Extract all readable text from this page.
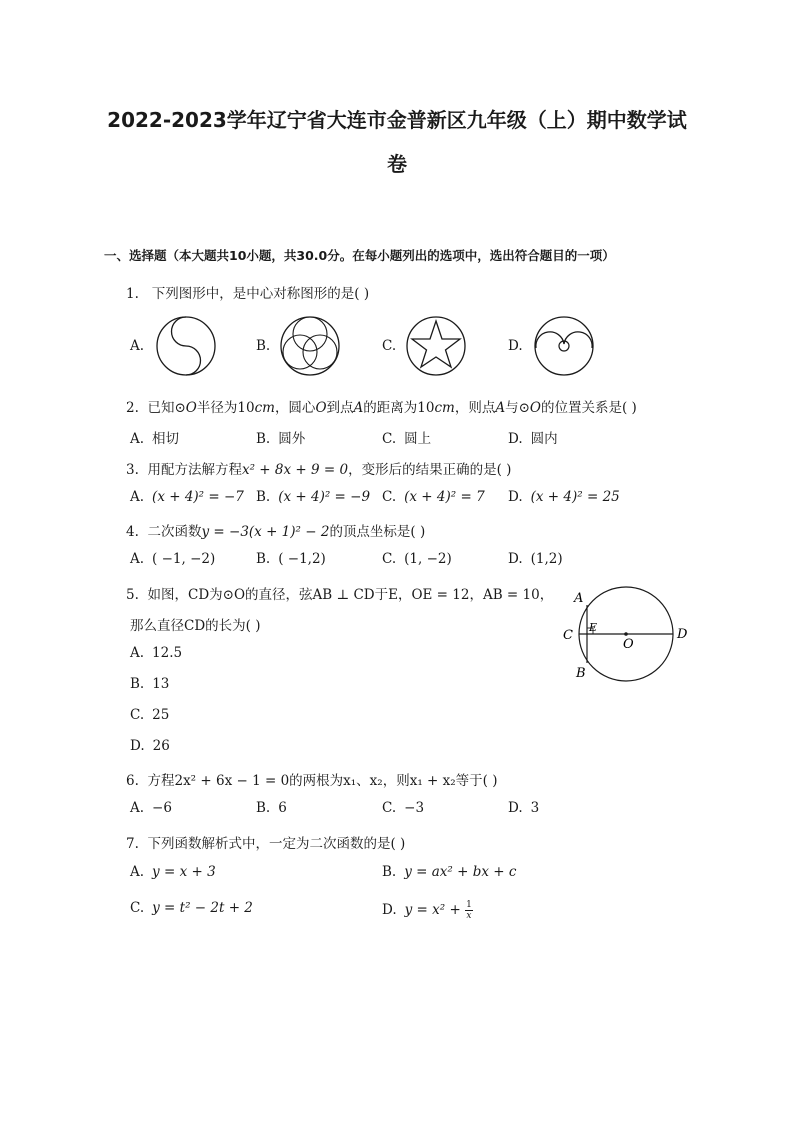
2022-2023学年辽宁省大连市金普新区九年级（上）期中数学试
卷
一、选择题（本大题共10小题，共30.0分。在每小题列出的选项中，选出符合题目的一项）
1. 下列图形中，是中心对称图形的是( )
A.	B.	C.	D.
2. 已知⊙O半径为10cm，圆心O到点A的距离为10cm，则点A与⊙O的位置关系是( )
A. 相切	B. 圆外	C. 圆上	D. 圆内
3. 用配方法解方程x² + 8x + 9 = 0，变形后的结果正确的是( )
A. (x + 4)² = −7 B. (x + 4)² = −9 C. (x + 4)² = 7 D. (x + 4)² = 25
4. 二次函数y = −3(x + 1)² − 2的顶点坐标是( )
A. ( −1, −2)	B. ( −1,2)	C. (1, −2)	D. (1,2)
5. 如图，CD为⊙O的直径，弦AB ⊥ CD于E，OE = 12，AB = 10，
那么直径CD的长为( )
A. 12.5
B. 13
C. 25
D. 26
A
B
C	D
E
O
6. 方程2x² + 6x − 1 = 0的两根为x₁、x₂，则x₁ + x₂等于( )
A. −6	B. 6	C. −3	D. 3
7. 下列函数解析式中，一定为二次函数的是( )
A. y = x + 3	B. y = ax² + bx + c
C. y = t² − 2t + 2	D. $y = x^2 + \frac{1}{x}$
